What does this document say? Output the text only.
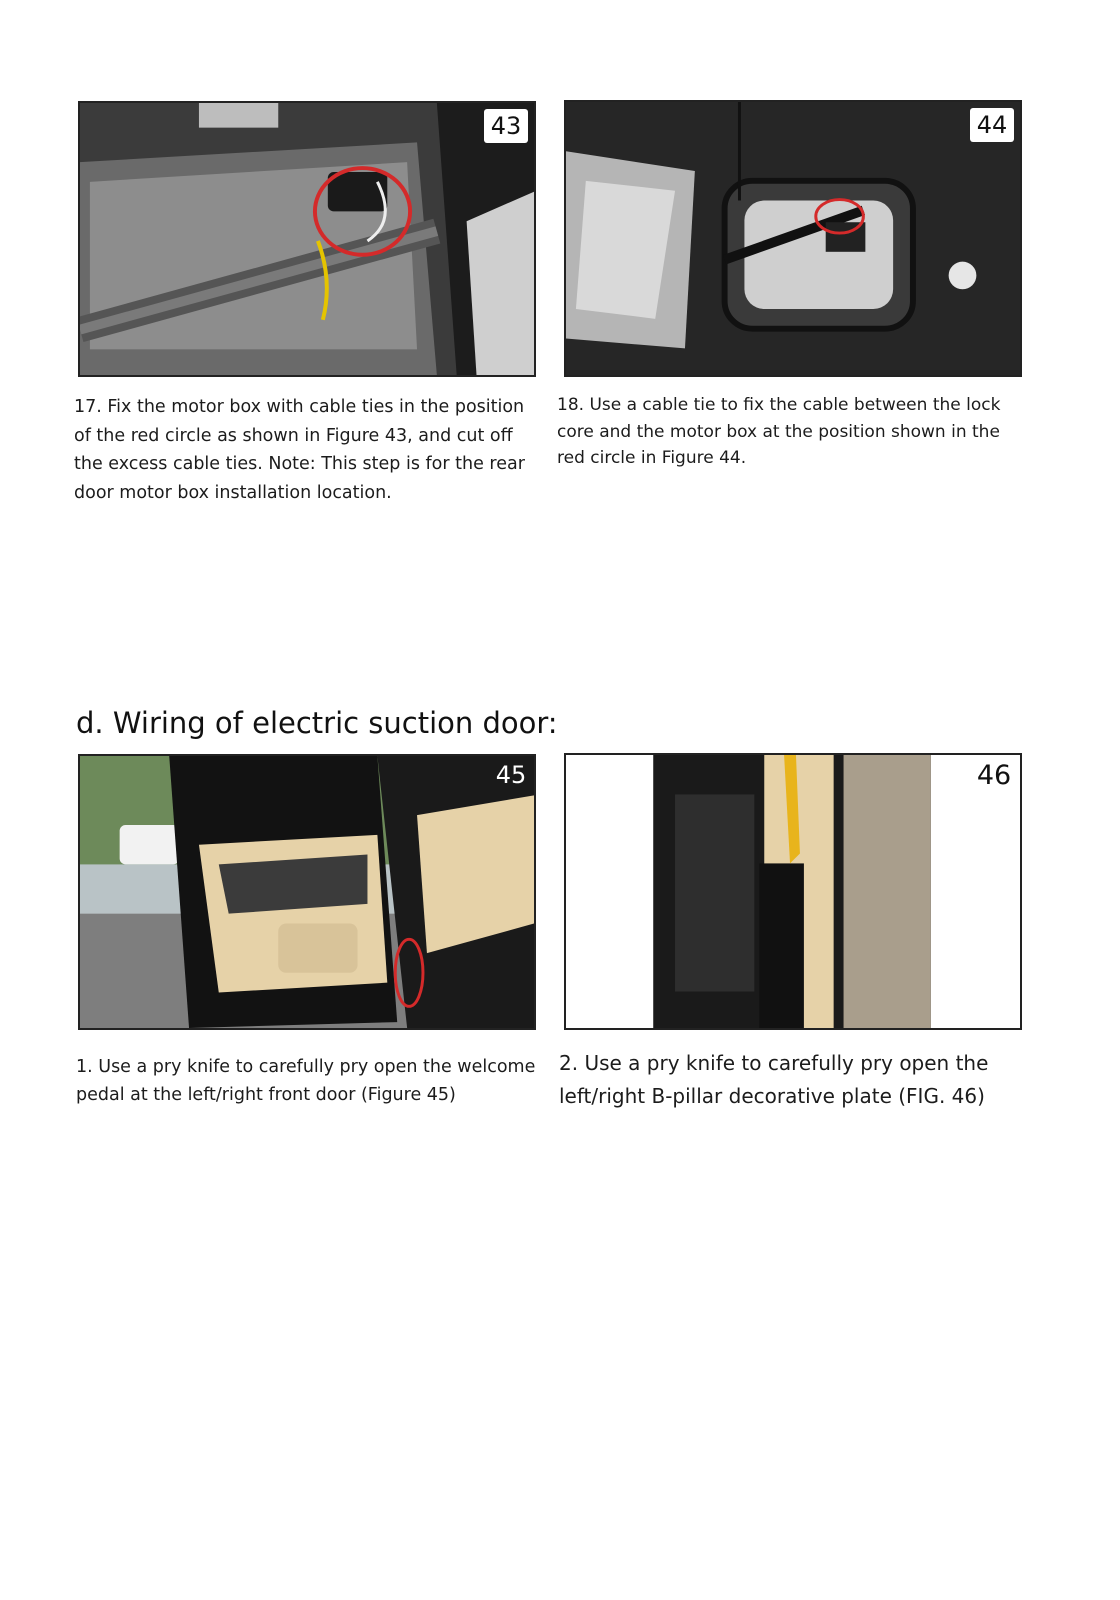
43	44

17. Fix the motor box with cable ties in the position of the red circle as shown in Figure 43, and cut off the excess cable ties. Note: This step is for the rear door motor box installation location.

18. Use a cable tie to fix the cable between the lock core and the motor box at the position shown in the red circle in Figure 44.

d. Wiring of electric suction door:
45	46

1. Use a pry knife to carefully pry open the welcome pedal at the left/right front door (Figure 45)

2. Use a pry knife to carefully pry open the left/right B-pillar decorative plate (FIG. 46)
